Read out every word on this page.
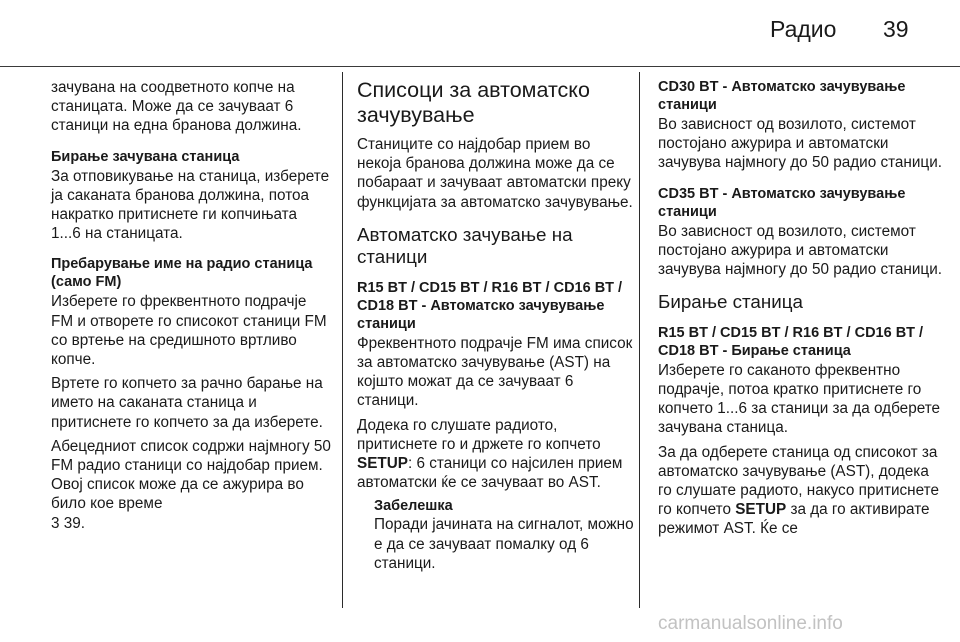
Радио 39

зачувана на соодветното копче на станицата. Може да се зачуваат 6 станици на една бранова должина.

Бирање зачувана станица

За отповикување на станица, изберете ја саканата бранова должина, потоа накратко притиснете ги копчињата 1...6 на станицата.

Пребарување име на радио станица (само FM)

Изберете го фреквентното подрачје FM и отворете го списокот станици FM со вртење на средишното вртливо копче.

Вртете го копчето за рачно барање на името на саканата станица и притиснете го копчето за да изберете.

Абецедниот список содржи најмногу 50 FM радио станици со најдобар прием. Овој список може да се ажурира во било кое време
3 39.

Списоци за автоматско зачувување

Станиците со најдобар прием во некоја бранова должина може да се побараат и зачуваат автоматски преку функцијата за автоматско зачувување.

Автоматско зачување на станици
R15 BT / CD15 BT / R16 BT / CD16 BT / CD18 BT - Автоматско зачувување станици

Фреквентното подрачје FM има список за автоматско зачувување (AST) на којшто можат да се зачуваат 6 станици.

Додека го слушате радиото, притиснете го и држете го копчето SETUP: 6 станици со најсилен прием автоматски ќе се зачуваат во AST.

Забелешка

Поради јачината на сигналот, можно е да се зачуваат помалку од 6 станици.

CD30 BT - Автоматско зачувување станици

Во зависност од возилото, системот постојано ажурира и автоматски зачувува најмногу до 50 радио станици.

CD35 BT - Автоматско зачувување станици

Во зависност од возилото, системот постојано ажурира и автоматски зачувува најмногу до 50 радио станици.

Бирање станица
R15 BT / CD15 BT / R16 BT / CD16 BT / CD18 BT - Бирање станица

Изберете го саканото фреквентно подрачје, потоа кратко притиснете го копчето 1...6 за станици за да одберете зачувана станица.

За да одберете станица од списокот за автоматско зачувување (AST), додека го слушате радиото, накусо притиснете го копчето SETUP за да го активирате режимот AST. Ќе се

carmanualsonline.info
